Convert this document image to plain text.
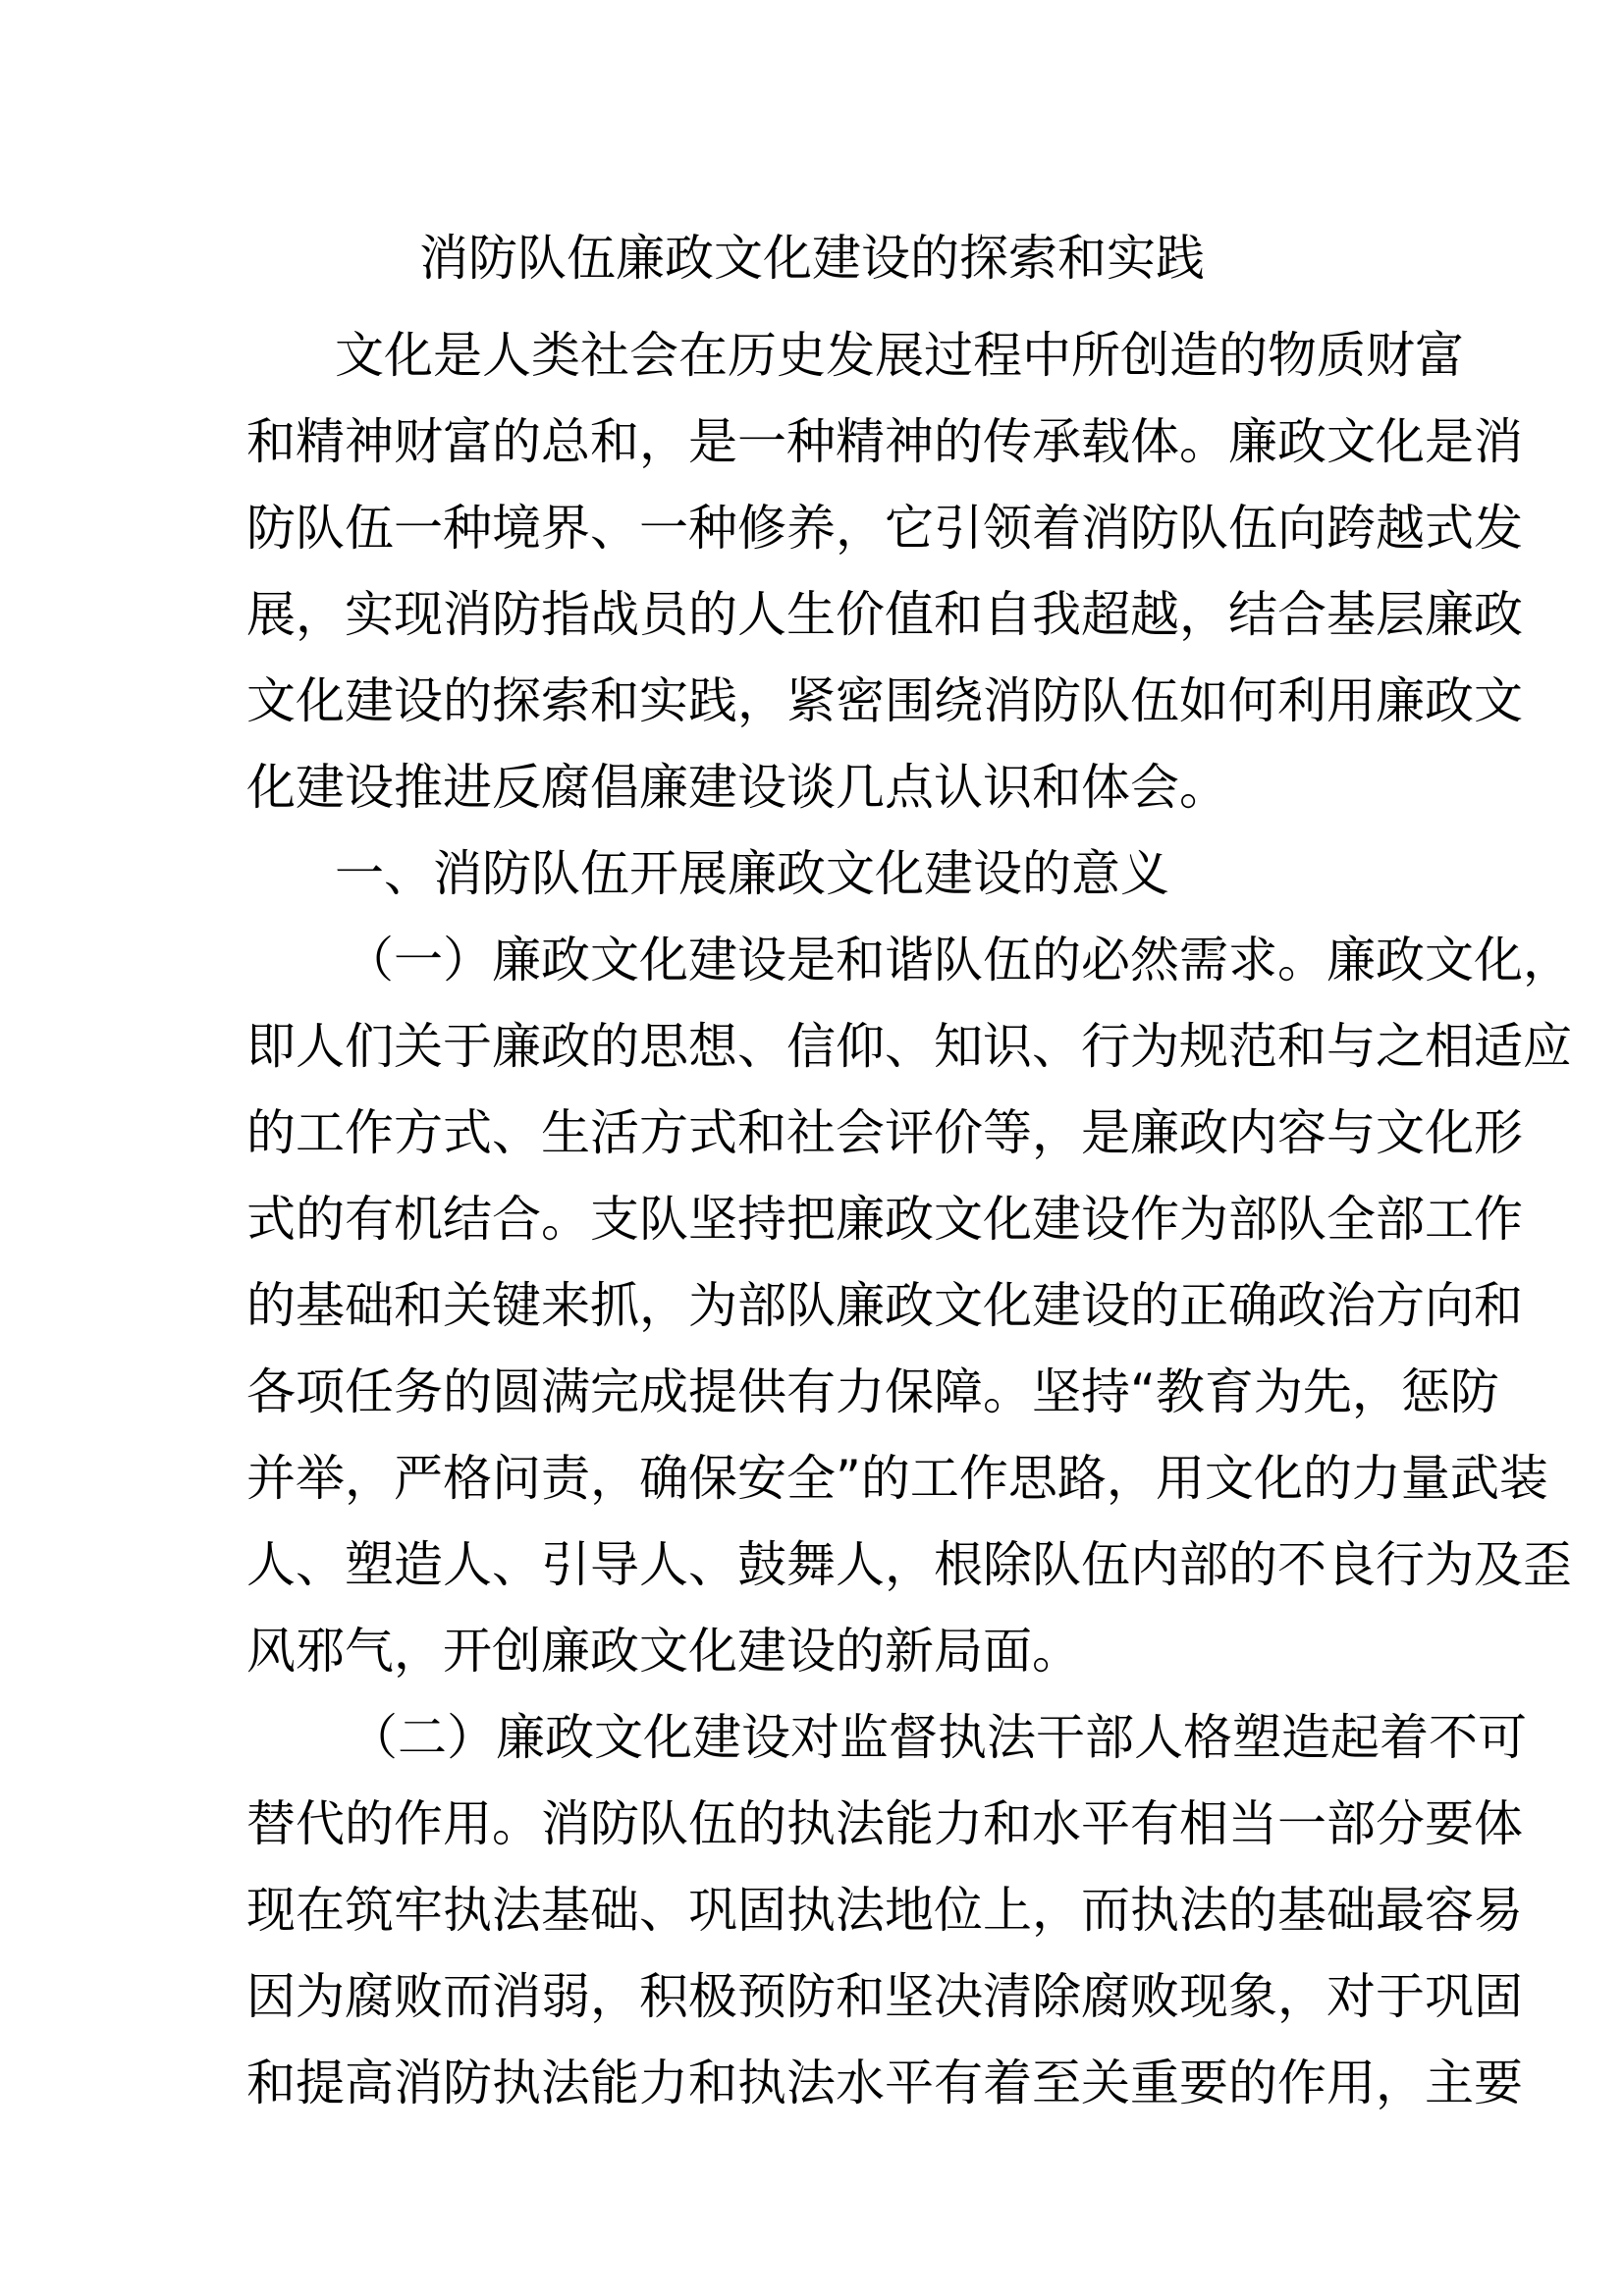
消防队伍廉政文化建设的探索和实践
文化是人类社会在历史发展过程中所创造的物质财富
和精神财富的总和，是一种精神的传承载体。廉政文化是消
防队伍一种境界、一种修养，它引领着消防队伍向跨越式发
展，实现消防指战员的人生价值和自我超越，结合基层廉政
文化建设的探索和实践，紧密围绕消防队伍如何利用廉政文
化建设推进反腐倡廉建设谈几点认识和体会。
一、消防队伍开展廉政文化建设的意义
（一）廉政文化建设是和谐队伍的必然需求。廉政文化，
即人们关于廉政的思想、信仰、知识、行为规范和与之相适应
的工作方式、生活方式和社会评价等，是廉政内容与文化形
式的有机结合。支队坚持把廉政文化建设作为部队全部工作
的基础和关键来抓，为部队廉政文化建设的正确政治方向和
各项任务的圆满完成提供有力保障。坚持“教育为先，惩防
并举，严格问责，确保安全”的工作思路，用文化的力量武装
人、塑造人、引导人、鼓舞人，根除队伍内部的不良行为及歪
风邪气，开创廉政文化建设的新局面。
（二）廉政文化建设对监督执法干部人格塑造起着不可
替代的作用。消防队伍的执法能力和水平有相当一部分要体
现在筑牢执法基础、巩固执法地位上，而执法的基础最容易
因为腐败而消弱，积极预防和坚决清除腐败现象，对于巩固
和提高消防执法能力和执法水平有着至关重要的作用，主要
